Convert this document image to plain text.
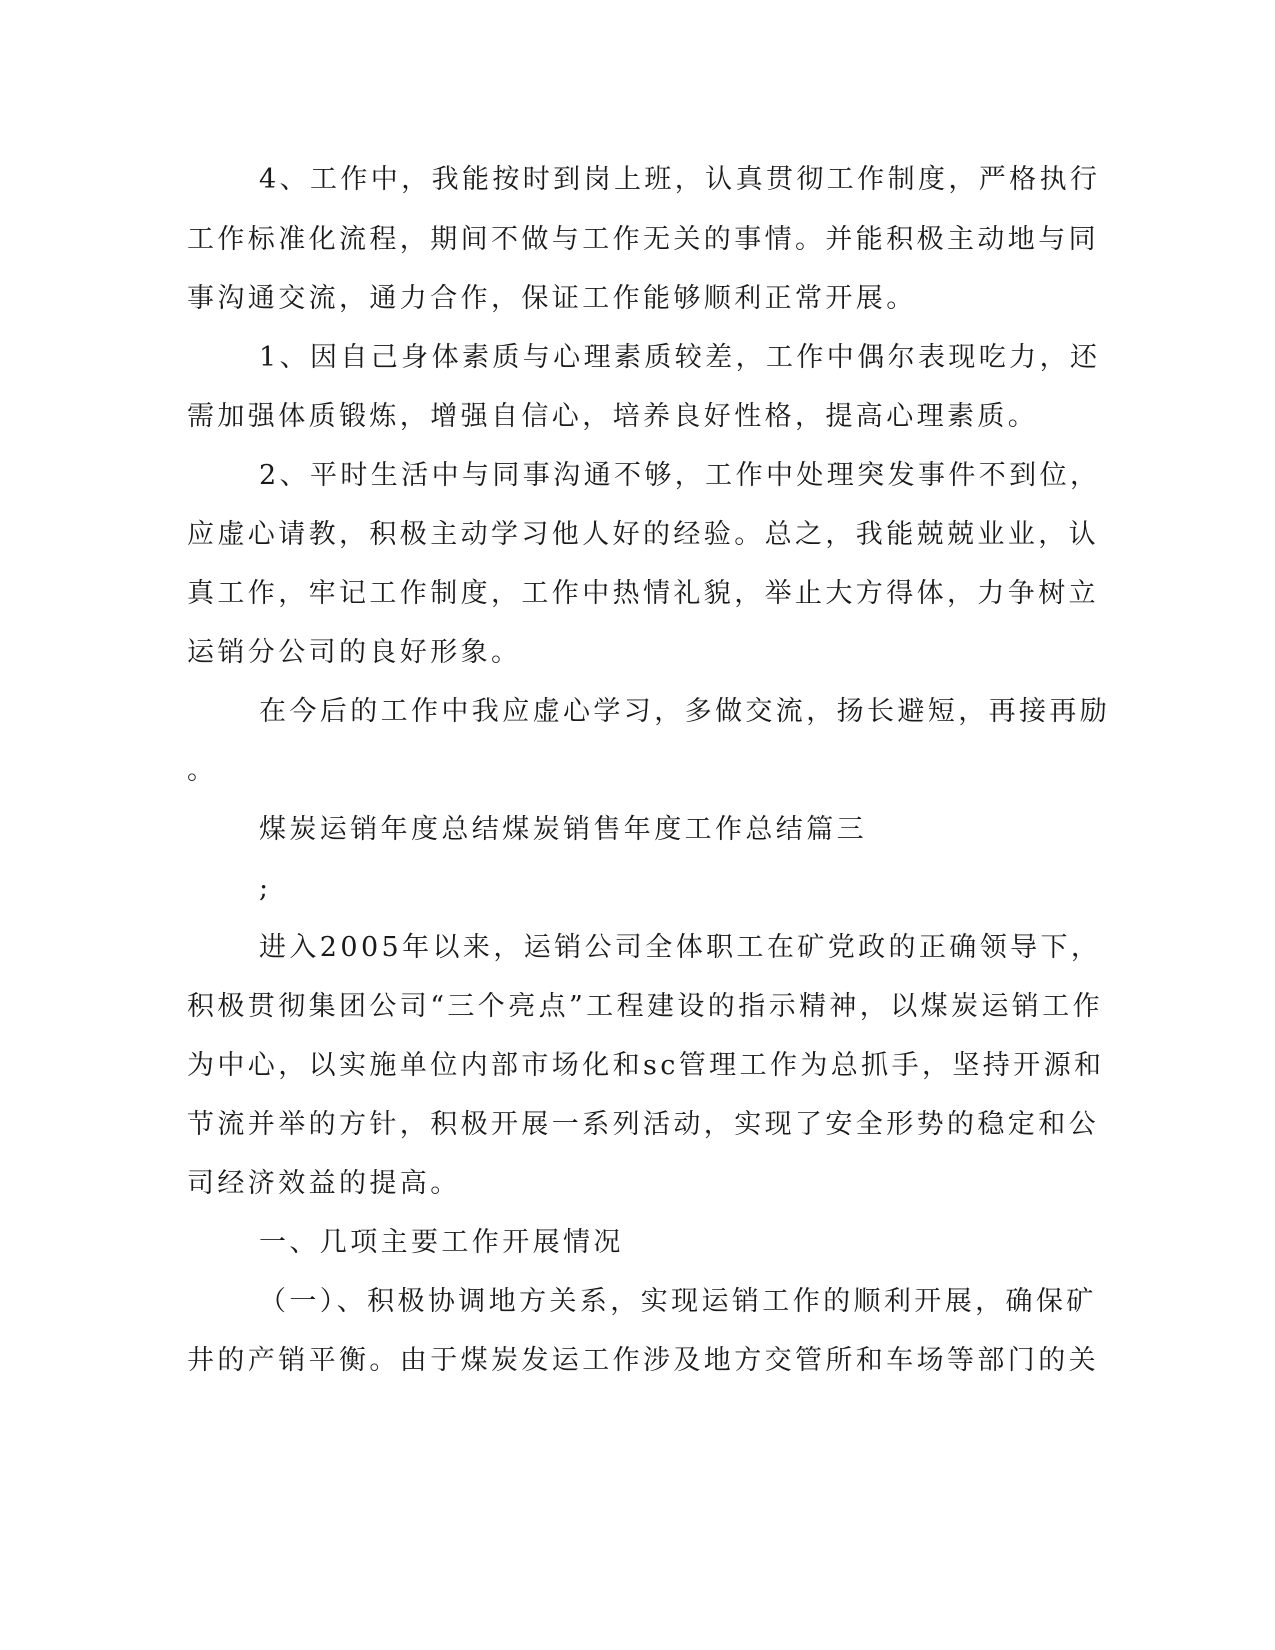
4、工作中，我能按时到岗上班，认真贯彻工作制度，严格执行
工作标准化流程，期间不做与工作无关的事情。并能积极主动地与同
事沟通交流，通力合作，保证工作能够顺利正常开展。
1、因自己身体素质与心理素质较差，工作中偶尔表现吃力，还
需加强体质锻炼，增强自信心，培养良好性格，提高心理素质。
2、平时生活中与同事沟通不够，工作中处理突发事件不到位，
应虚心请教，积极主动学习他人好的经验。总之，我能兢兢业业，认
真工作，牢记工作制度，工作中热情礼貌，举止大方得体，力争树立
运销分公司的良好形象。
在今后的工作中我应虚心学习，多做交流，扬长避短，再接再励
。
煤炭运销年度总结煤炭销售年度工作总结篇三
;
进入2005年以来，运销公司全体职工在矿党政的正确领导下，
积极贯彻集团公司“三个亮点”工程建设的指示精神，以煤炭运销工作
为中心，以实施单位内部市场化和sc管理工作为总抓手，坚持开源和
节流并举的方针，积极开展一系列活动，实现了安全形势的稳定和公
司经济效益的提高。
一、几项主要工作开展情况
（一）、积极协调地方关系，实现运销工作的顺利开展，确保矿
井的产销平衡。由于煤炭发运工作涉及地方交管所和车场等部门的关
